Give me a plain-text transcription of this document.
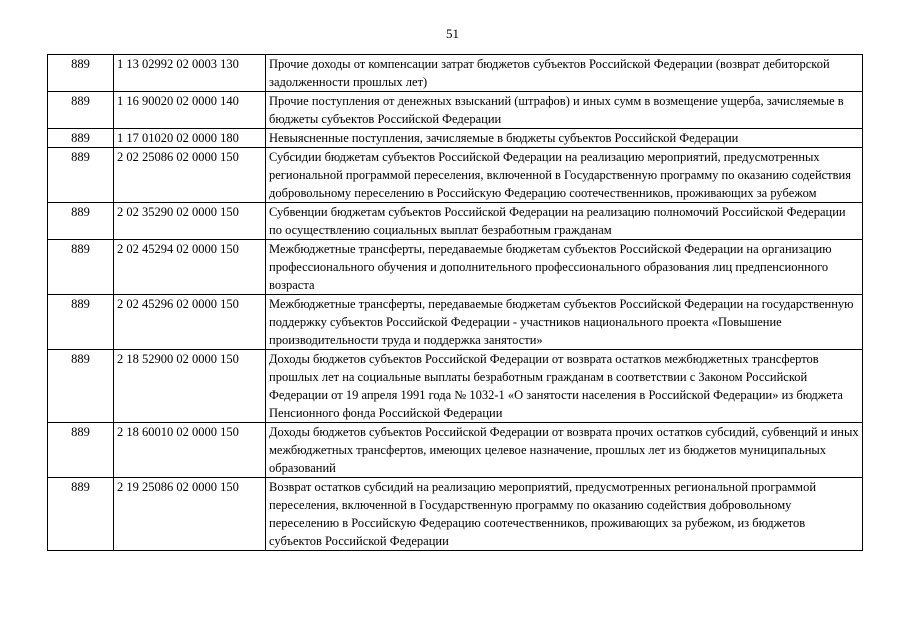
51
889	1 13 02992 02 0003 130	Прочие доходы от компенсации затрат бюджетов субъектов Российской Федерации (возврат дебиторской задолженности прошлых лет)
889	1 16 90020 02 0000 140	Прочие поступления от денежных взысканий (штрафов) и иных сумм в возмещение ущерба, зачисляемые в бюджеты субъектов Российской Федерации
889	1 17 01020 02 0000 180	Невыясненные поступления, зачисляемые в бюджеты субъектов Российской Федерации
889	2 02 25086 02 0000 150	Субсидии бюджетам субъектов Российской Федерации на реализацию мероприятий, предусмотренных региональной программой переселения, включенной в Государственную программу по оказанию содействия добровольному переселению в Российскую Федерацию соотечественников, проживающих за рубежом
889	2 02 35290 02 0000 150	Субвенции бюджетам субъектов Российской Федерации на реализацию полномочий Российской Федерации по осуществлению социальных выплат безработным гражданам
889	2 02 45294 02 0000 150	Межбюджетные трансферты, передаваемые бюджетам субъектов Российской Федерации на организацию профессионального обучения и дополнительного профессионального образования лиц предпенсионного возраста
889	2 02 45296 02 0000 150	Межбюджетные трансферты, передаваемые бюджетам субъектов Российской Федерации на государственную поддержку субъектов Российской Федерации - участников национального проекта «Повышение производительности труда и поддержка занятости»
889	2 18 52900 02 0000 150	Доходы бюджетов субъектов Российской Федерации от возврата остатков межбюджетных трансфертов прошлых лет на социальные выплаты безработным гражданам в соответствии с Законом Российской Федерации от 19 апреля 1991 года № 1032-1 «О занятости населения в Российской Федерации» из бюджета Пенсионного фонда Российской Федерации
889	2 18 60010 02 0000 150	Доходы бюджетов субъектов Российской Федерации от возврата прочих остатков субсидий, субвенций и иных межбюджетных трансфертов, имеющих целевое назначение, прошлых лет из бюджетов муниципальных образований
889	2 19 25086 02 0000 150	Возврат остатков субсидий на реализацию мероприятий, предусмотренных региональной программой переселения, включенной в Государственную программу по оказанию содействия добровольному переселению в Российскую Федерацию соотечественников, проживающих за рубежом, из бюджетов субъектов Российской Федерации
